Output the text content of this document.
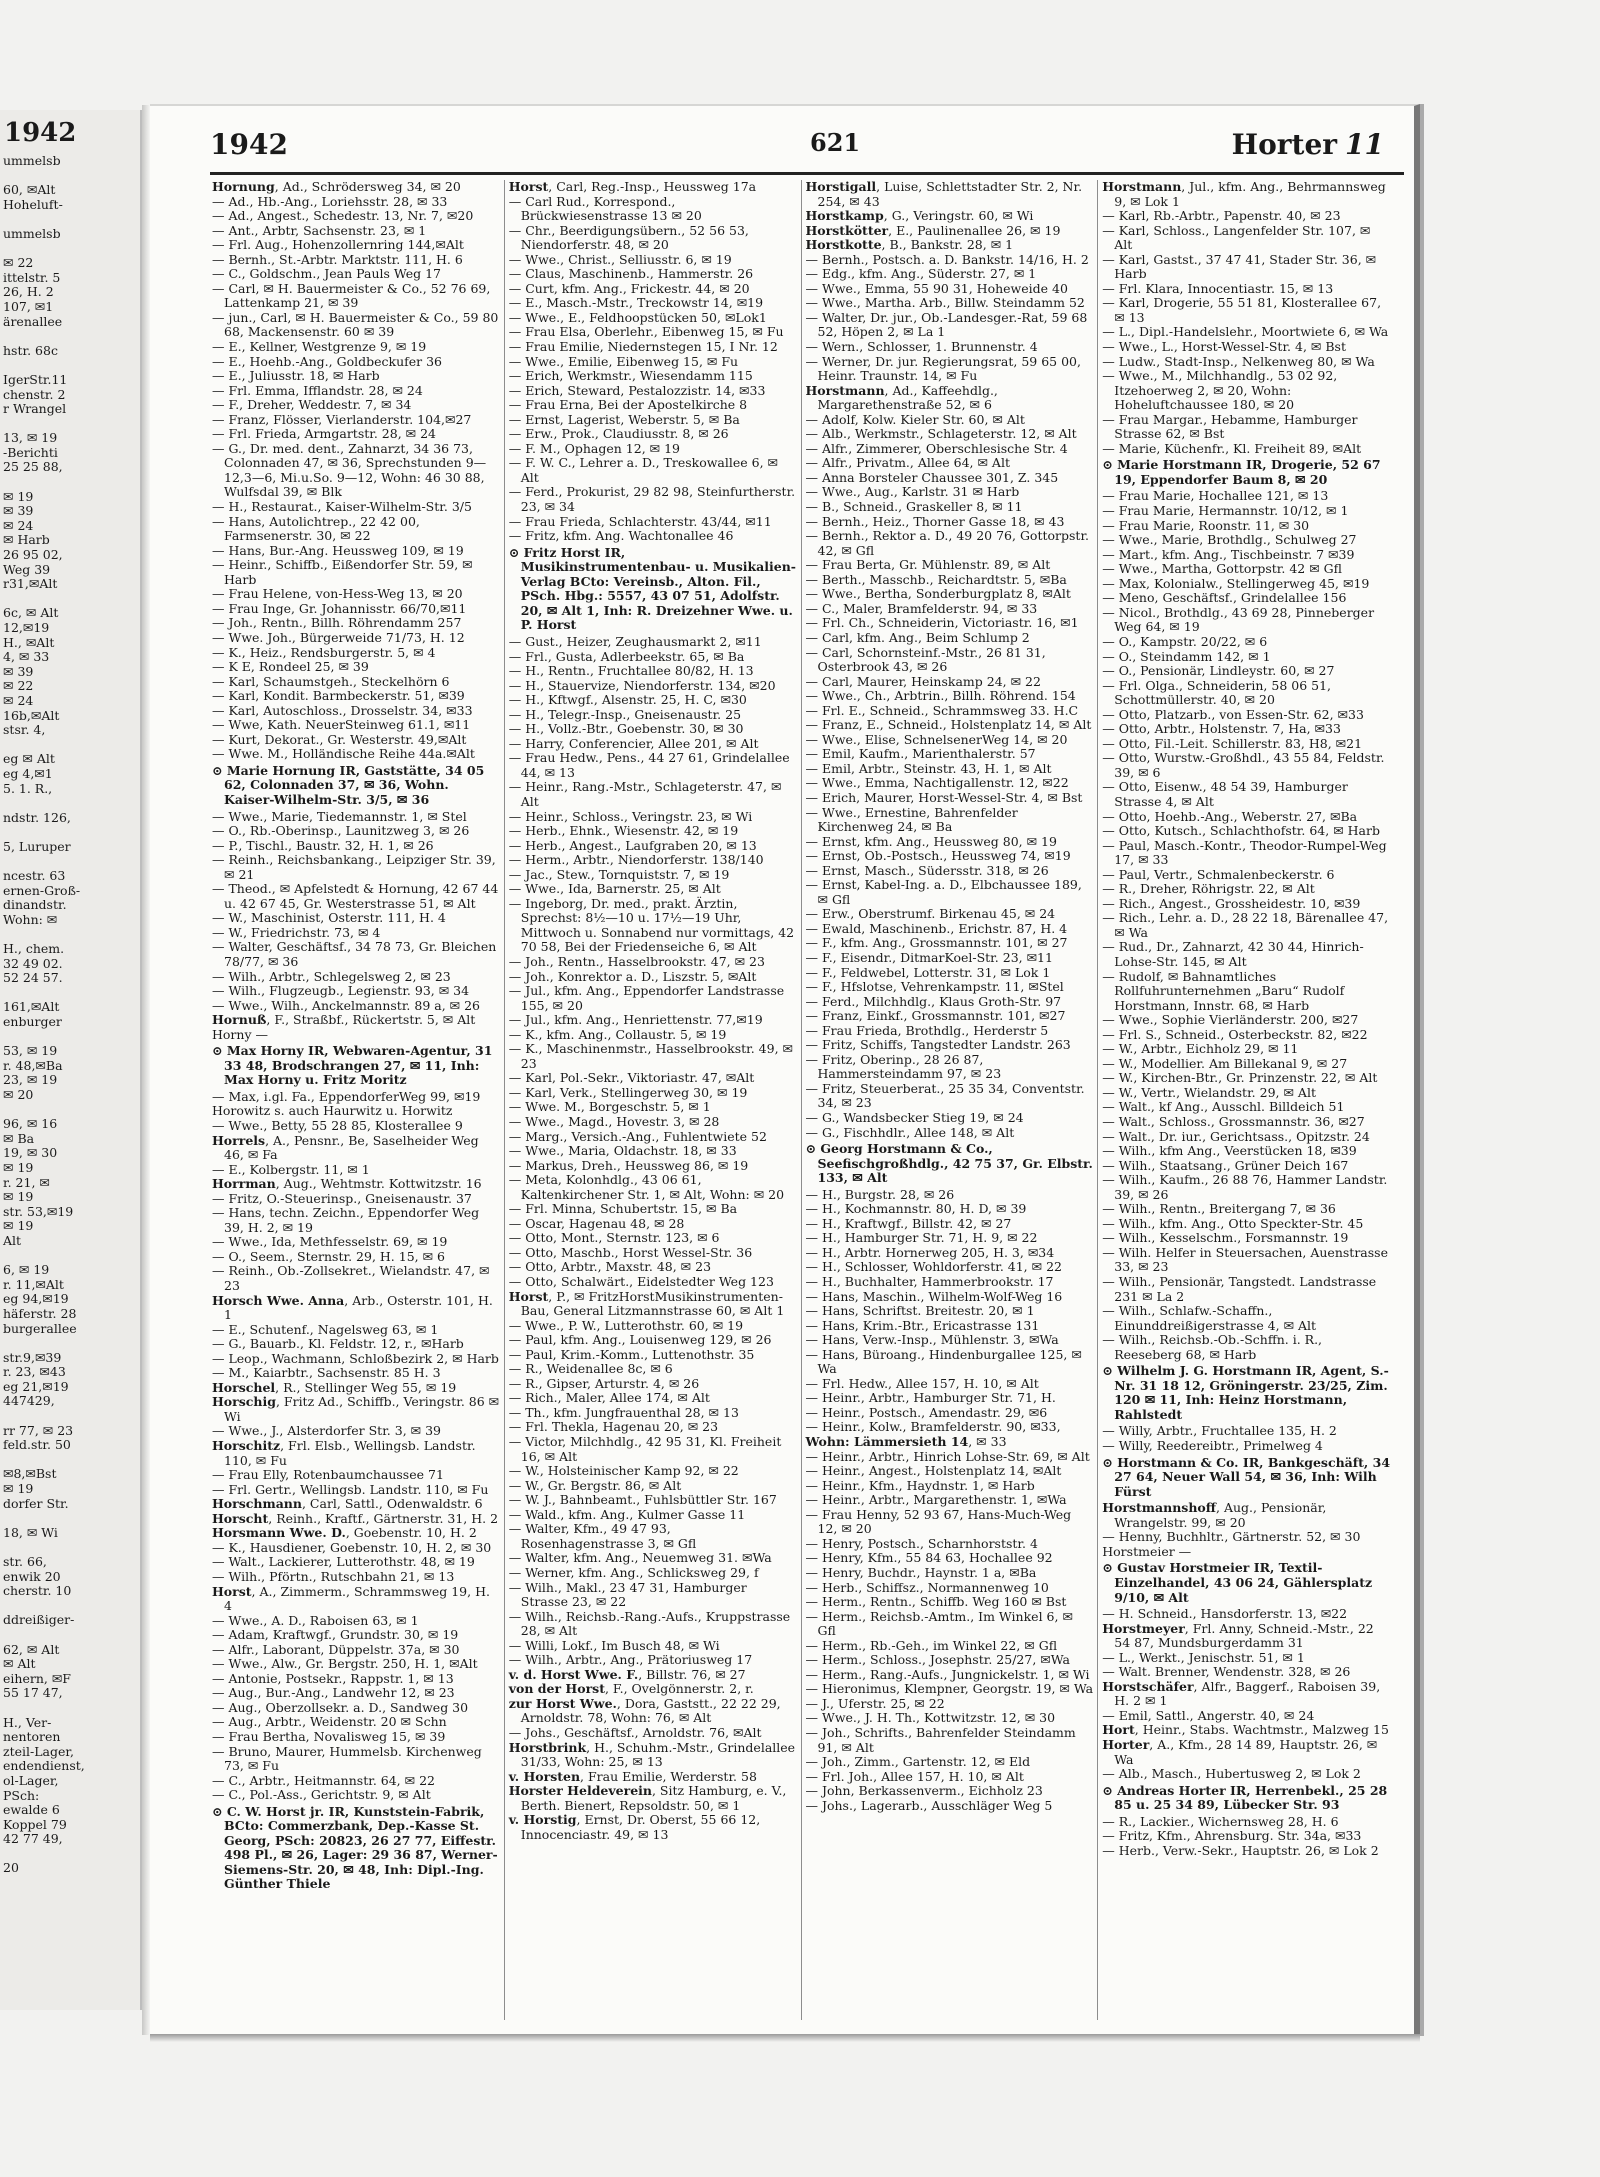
1942
ummelsb

60, ✉Alt
Hoheluft-

ummelsb

✉ 22
ittelstr. 5
26, H. 2
107, ✉1
ärenallee

hstr. 68c

IgerStr.11
chenstr. 2
r Wrangel

13, ✉ 19
-Berichti
25 25 88,

✉ 19
✉ 39
✉ 24
✉ Harb
26 95 02,
Weg 39
r31,✉Alt

6c, ✉ Alt
12,✉19
H., ✉Alt
4, ✉ 33
✉ 39
✉ 22
✉ 24
16b,✉Alt
stsr. 4,

eg ✉ Alt
eg 4,✉1
5. 1. R.,

ndstr. 126,

5, Luruper

ncestr. 63
ernen-Groß-
dinandstr.
Wohn: ✉

H., chem.
32 49 02.
52 24 57.

161,✉Alt
enburger

53, ✉ 19
r. 48,✉Ba
23, ✉ 19
✉ 20

96, ✉ 16
✉ Ba
19, ✉ 30
✉ 19
r. 21, ✉
✉ 19
str. 53,✉19
✉ 19
Alt

6, ✉ 19
r. 11,✉Alt
eg 94,✉19
häferstr. 28
burgerallee

str.9,✉39
r. 23, ✉43
eg 21,✉19
447429,

rr 77, ✉ 23
feld.str. 50

✉8,✉Bst
✉ 19
dorfer Str.

18, ✉ Wi

str. 66,
enwik 20
cherstr. 10

ddreißiger-

62, ✉ Alt
✉ Alt
eihern, ✉F
55 17 47,

H., Ver-
nentoren
zteil-Lager,
endendienst,
ol-Lager,
PSch:
ewalde 6
Koppel 79
42 77 49,

20
1942	621	Horter 11
Hornung, Ad., Schrödersweg 34, ✉ 20
— Ad., Hb.-Ang., Loriehsstr. 28, ✉ 33
— Ad., Angest., Schedestr. 13, Nr. 7, ✉20
— Ant., Arbtr, Sachsenstr. 23, ✉ 1
— Frl. Aug., Hohenzollernring 144,✉Alt
— Bernh., St.-Arbtr. Marktstr. 111, H. 6
— C., Goldschm., Jean Pauls Weg 17
— Carl, ✉ H. Bauermeister & Co., 52 76 69, Lattenkamp 21, ✉ 39
— jun., Carl, ✉ H. Bauermeister & Co., 59 80 68, Mackensenstr. 60 ✉ 39
— E., Kellner, Westgrenze 9, ✉ 19
— E., Hoehb.-Ang., Goldbeckufer 36
— E., Juliusstr. 18, ✉ Harb
— Frl. Emma, Ifflandstr. 28, ✉ 24
— F., Dreher, Weddestr. 7, ✉ 34
— Franz, Flösser, Vierlanderstr. 104,✉27
— Frl. Frieda, Armgartstr. 28, ✉ 24
— G., Dr. med. dent., Zahnarzt, 34 36 73, Colonnaden 47, ✉ 36, Sprechstunden 9—12,3—6, Mi.u.So. 9—12, Wohn: 46 30 88, Wulfsdal 39, ✉ Blk
— H., Restaurat., Kaiser-Wilhelm-Str. 3/5
— Hans, Autolichtrep., 22 42 00, Farmsenerstr. 30, ✉ 22
— Hans, Bur.-Ang. Heussweg 109, ✉ 19
— Heinr., Schiffb., Eißendorfer Str. 59, ✉ Harb
— Frau Helene, von-Hess-Weg 13, ✉ 20
— Frau Inge, Gr. Johannisstr. 66/70,✉11
— Joh., Rentn., Billh. Röhrendamm 257
— Wwe. Joh., Bürgerweide 71/73, H. 12
— K., Heiz., Rendsburgerstr. 5, ✉ 4
— K E, Rondeel 25, ✉ 39
— Karl, Schaumstgeh., Steckelhörn 6
— Karl, Kondit. Barmbeckerstr. 51, ✉39
— Karl, Autoschloss., Drosselstr. 34, ✉33
— Wwe, Kath. NeuerSteinweg 61.1, ✉11
— Kurt, Dekorat., Gr. Westerstr. 49,✉Alt
— Wwe. M., Holländische Reihe 44a.✉Alt
⊙ Marie Hornung IR, Gaststätte, 34 05 62, Colonnaden 37, ✉ 36, Wohn. Kaiser-Wilhelm-Str. 3/5, ✉ 36
— Wwe., Marie, Tiedemannstr. 1, ✉ Stel
— O., Rb.-Oberinsp., Launitzweg 3, ✉ 26
— P., Tischl., Baustr. 32, H. 1, ✉ 26
— Reinh., Reichsbankang., Leipziger Str. 39, ✉ 21
— Theod., ✉ Apfelstedt & Hornung, 42 67 44 u. 42 67 45, Gr. Westerstrasse 51, ✉ Alt
— W., Maschinist, Osterstr. 111, H. 4
— W., Friedrichstr. 73, ✉ 4
— Walter, Geschäftsf., 34 78 73, Gr. Bleichen 78/77, ✉ 36
— Wilh., Arbtr., Schlegelsweg 2, ✉ 23
— Wilh., Flugzeugb., Legienstr. 93, ✉ 34
— Wwe., Wilh., Anckelmannstr. 89 a, ✉ 26
Hornuß, F., Straßbf., Rückertstr. 5, ✉ Alt
Horny —
⊙ Max Horny IR, Webwaren-Agentur, 31 33 48, Brodschrangen 27, ✉ 11, Inh: Max Horny u. Fritz Moritz
— Max, i.gl. Fa., EppendorferWeg 99, ✉19
Horowitz s. auch Haurwitz u. Horwitz
— Wwe., Betty, 55 28 85, Klosterallee 9
Horrels, A., Pensnr., Be, Saselheider Weg 46, ✉ Fa
— E., Kolbergstr. 11, ✉ 1
Horrman, Aug., Wehtmstr. Kottwitzstr. 16
— Fritz, O.-Steuerinsp., Gneisenaustr. 37
— Hans, techn. Zeichn., Eppendorfer Weg 39, H. 2, ✉ 19
— Wwe., Ida, Methfesselstr. 69, ✉ 19
— O., Seem., Sternstr. 29, H. 15, ✉ 6
— Reinh., Ob.-Zollsekret., Wielandstr. 47, ✉ 23
Horsch Wwe. Anna, Arb., Osterstr. 101, H. 1
— E., Schutenf., Nagelsweg 63, ✉ 1
— G., Bauarb., Kl. Feldstr. 12, r., ✉Harb
— Leop., Wachmann, Schloßbezirk 2, ✉ Harb
— M., Kaiarbtr., Sachsenstr. 85 H. 3
Horschel, R., Stellinger Weg 55, ✉ 19
Horschig, Fritz Ad., Schiffb., Veringstr. 86 ✉ Wi
— Wwe., J., Alsterdorfer Str. 3, ✉ 39
Horschitz, Frl. Elsb., Wellingsb. Landstr. 110, ✉ Fu
— Frau Elly, Rotenbaumchaussee 71
— Frl. Gertr., Wellingsb. Landstr. 110, ✉ Fu
Horschmann, Carl, Sattl., Odenwaldstr. 6
Horscht, Reinh., Kraftf., Gärtnerstr. 31, H. 2
Horsmann Wwe. D., Goebenstr. 10, H. 2
— K., Hausdiener, Goebenstr. 10, H. 2, ✉ 30
— Walt., Lackierer, Lutterothstr. 48, ✉ 19
— Wilh., Pförtn., Rutschbahn 21, ✉ 13
Horst, A., Zimmerm., Schrammsweg 19, H. 4
— Wwe., A. D., Raboisen 63, ✉ 1
— Adam, Kraftwgf., Grundstr. 30, ✉ 19
— Alfr., Laborant, Düppelstr. 37a, ✉ 30
— Wwe., Alw., Gr. Bergstr. 250, H. 1, ✉Alt
— Antonie, Postsekr., Rappstr. 1, ✉ 13
— Aug., Bur.-Ang., Landwehr 12, ✉ 23
— Aug., Oberzollsekr. a. D., Sandweg 30
— Aug., Arbtr., Weidenstr. 20 ✉ Schn
— Frau Bertha, Novalisweg 15, ✉ 39
— Bruno, Maurer, Hummelsb. Kirchenweg 73, ✉ Fu
— C., Arbtr., Heitmannstr. 64, ✉ 22
— C., Pol.-Ass., Gerichtstr. 9, ✉ Alt
⊙ C. W. Horst jr. IR, Kunststein-Fabrik, BCto: Commerzbank, Dep.-Kasse St. Georg, PSch: 20823, 26 27 77, Eiffestr. 498 Pl., ✉ 26, Lager: 29 36 87, Werner-Siemens-Str. 20, ✉ 48, Inh: Dipl.-Ing. Günther Thiele
Horst, Carl, Reg.-Insp., Heussweg 17a
— Carl Rud., Korrespond., Brückwiesenstrasse 13 ✉ 20
— Chr., Beerdigungsübern., 52 56 53, Niendorferstr. 48, ✉ 20
— Wwe., Christ., Selliusstr. 6, ✉ 19
— Claus, Maschinenb., Hammerstr. 26
— Curt, kfm. Ang., Frickestr. 44, ✉ 20
— E., Masch.-Mstr., Treckowstr 14, ✉19
— Wwe., E., Feldhoopstücken 50, ✉Lok1
— Frau Elsa, Oberlehr., Eibenweg 15, ✉ Fu
— Frau Emilie, Niedernstegen 15, I Nr. 12
— Wwe., Emilie, Eibenweg 15, ✉ Fu
— Erich, Werkmstr., Wiesendamm 115
— Erich, Steward, Pestalozzistr. 14, ✉33
— Frau Erna, Bei der Apostelkirche 8
— Ernst, Lagerist, Weberstr. 5, ✉ Ba
— Erw., Prok., Claudiusstr. 8, ✉ 26
— F. M., Ophagen 12, ✉ 19
— F. W. C., Lehrer a. D., Treskowallee 6, ✉ Alt
— Ferd., Prokurist, 29 82 98, Steinfurtherstr. 23, ✉ 34
— Frau Frieda, Schlachterstr. 43/44, ✉11
— Fritz, kfm. Ang. Wachtonallee 46
⊙ Fritz Horst IR, Musikinstrumentenbau- u. Musikalien-Verlag BCto: Vereinsb., Alton. Fil., PSch. Hbg.: 5557, 43 07 51, Adolfstr. 20, ✉ Alt 1, Inh: R. Dreizehner Wwe. u. P. Horst
— Gust., Heizer, Zeughausmarkt 2, ✉11
— Frl., Gusta, Adlerbeekstr. 65, ✉ Ba
— H., Rentn., Fruchtallee 80/82, H. 13
— H., Stauervize, Niendorferstr. 134, ✉20
— H., Kftwgf., Alsenstr. 25, H. C, ✉30
— H., Telegr.-Insp., Gneisenaustr. 25
— H., Vollz.-Btr., Goebenstr. 30, ✉ 30
— Harry, Conferencier, Allee 201, ✉ Alt
— Frau Hedw., Pens., 44 27 61, Grindelallee 44, ✉ 13
— Heinr., Rang.-Mstr., Schlageterstr. 47, ✉ Alt
— Heinr., Schloss., Veringstr. 23, ✉ Wi
— Herb., Ehnk., Wiesenstr. 42, ✉ 19
— Herb., Angest., Laufgraben 20, ✉ 13
— Herm., Arbtr., Niendorferstr. 138/140
— Jac., Stew., Tornquiststr. 7, ✉ 19
— Wwe., Ida, Barnerstr. 25, ✉ Alt
— Ingeborg, Dr. med., prakt. Ärztin, Sprechst: 8½—10 u. 17½—19 Uhr, Mittwoch u. Sonnabend nur vormittags, 42 70 58, Bei der Friedenseiche 6, ✉ Alt
— Joh., Rentn., Hasselbrookstr. 47, ✉ 23
— Joh., Konrektor a. D., Liszstr. 5, ✉Alt
— Jul., kfm. Ang., Eppendorfer Landstrasse 155, ✉ 20
— Jul., kfm. Ang., Henriettenstr. 77,✉19
— K., kfm. Ang., Collaustr. 5, ✉ 19
— K., Maschinenmstr., Hasselbrookstr. 49, ✉ 23
— Karl, Pol.-Sekr., Viktoriastr. 47, ✉Alt
— Karl, Verk., Stellingerweg 30, ✉ 19
— Wwe. M., Borgeschstr. 5, ✉ 1
— Wwe., Magd., Hovestr. 3, ✉ 28
— Marg., Versich.-Ang., Fuhlentwiete 52
— Wwe., Maria, Oldachstr. 18, ✉ 33
— Markus, Dreh., Heussweg 86, ✉ 19
— Meta, Kolonhdlg., 43 06 61, Kaltenkirchener Str. 1, ✉ Alt, Wohn: ✉ 20
— Frl. Minna, Schubertstr. 15, ✉ Ba
— Oscar, Hagenau 48, ✉ 28
— Otto, Mont., Sternstr. 123, ✉ 6
— Otto, Maschb., Horst Wessel-Str. 36
— Otto, Arbtr., Maxstr. 48, ✉ 23
— Otto, Schalwärt., Eidelstedter Weg 123
Horst, P., ✉ FritzHorstMusikinstrumenten-Bau, General Litzmannstrasse 60, ✉ Alt 1
— Wwe., P. W., Lutterothstr. 60, ✉ 19
— Paul, kfm. Ang., Louisenweg 129, ✉ 26
— Paul, Krim.-Komm., Luttenothstr. 35
— R., Weidenallee 8c, ✉ 6
— R., Gipser, Arturstr. 4, ✉ 26
— Rich., Maler, Allee 174, ✉ Alt
— Th., kfm. Jungfrauenthal 28, ✉ 13
— Frl. Thekla, Hagenau 20, ✉ 23
— Victor, Milchhdlg., 42 95 31, Kl. Freiheit 16, ✉ Alt
— W., Holsteinischer Kamp 92, ✉ 22
— W., Gr. Bergstr. 86, ✉ Alt
— W. J., Bahnbeamt., Fuhlsbüttler Str. 167
— Wald., kfm. Ang., Kulmer Gasse 11
— Walter, Kfm., 49 47 93, Rosenhagenstrasse 3, ✉ Gfl
— Walter, kfm. Ang., Neuemweg 31. ✉Wa
— Werner, kfm. Ang., Schlicksweg 29, f
— Wilh., Makl., 23 47 31, Hamburger Strasse 23, ✉ 22
— Wilh., Reichsb.-Rang.-Aufs., Kruppstrasse 28, ✉ Alt
— Willi, Lokf., Im Busch 48, ✉ Wi
— Wilh., Arbtr., Ang., Prätoriusweg 17
v. d. Horst Wwe. F., Billstr. 76, ✉ 27
von der Horst, F., Ovelgönnerstr. 2, r.
zur Horst Wwe., Dora, Gaststt., 22 22 29, Arnoldstr. 78, Wohn: 76, ✉ Alt
— Johs., Geschäftsf., Arnoldstr. 76, ✉Alt
Horstbrink, H., Schuhm.-Mstr., Grindelallee 31/33, Wohn: 25, ✉ 13
v. Horsten, Frau Emilie, Werderstr. 58
Horster Heldeverein, Sitz Hamburg, e. V., Berth. Bienert, Repsoldstr. 50, ✉ 1
v. Horstig, Ernst, Dr. Oberst, 55 66 12, Innocenciastr. 49, ✉ 13
Horstigall, Luise, Schlettstadter Str. 2, Nr. 254, ✉ 43
Horstkamp, G., Veringstr. 60, ✉ Wi
Horstkötter, E., Paulinenallee 26, ✉ 19
Horstkotte, B., Bankstr. 28, ✉ 1
— Bernh., Postsch. a. D. Bankstr. 14/16, H. 2
— Edg., kfm. Ang., Süderstr. 27, ✉ 1
— Wwe., Emma, 55 90 31, Hoheweide 40
— Wwe., Martha. Arb., Billw. Steindamm 52
— Walter, Dr. jur., Ob.-Landesger.-Rat, 59 68 52, Höpen 2, ✉ La 1
— Wern., Schlosser, 1. Brunnenstr. 4
— Werner, Dr. jur. Regierungsrat, 59 65 00, Heinr. Traunstr. 14, ✉ Fu
Horstmann, Ad., Kaffeehdlg., Margarethenstraße 52, ✉ 6
— Adolf, Kolw. Kieler Str. 60, ✉ Alt
— Alb., Werkmstr., Schlageterstr. 12, ✉ Alt
— Alfr., Zimmerer, Oberschlesische Str. 4
— Alfr., Privatm., Allee 64, ✉ Alt
— Anna Borsteler Chaussee 301, Z. 345
— Wwe., Aug., Karlstr. 31 ✉ Harb
— B., Schneid., Graskeller 8, ✉ 11
— Bernh., Heiz., Thorner Gasse 18, ✉ 43
— Bernh., Rektor a. D., 49 20 76, Gottorpstr. 42, ✉ Gfl
— Frau Berta, Gr. Mühlenstr. 89, ✉ Alt
— Berth., Masschb., Reichardtstr. 5, ✉Ba
— Wwe., Bertha, Sonderburgplatz 8, ✉Alt
— C., Maler, Bramfelderstr. 94, ✉ 33
— Frl. Ch., Schneiderin, Victoriastr. 16, ✉1
— Carl, kfm. Ang., Beim Schlump 2
— Carl, Schornsteinf.-Mstr., 26 81 31, Osterbrook 43, ✉ 26
— Carl, Maurer, Heinskamp 24, ✉ 22
— Wwe., Ch., Arbtrin., Billh. Röhrend. 154
— Frl. E., Schneid., Schrammsweg 33. H.C
— Franz, E., Schneid., Holstenplatz 14, ✉ Alt
— Wwe., Elise, SchnelsenerWeg 14, ✉ 20
— Emil, Kaufm., Marienthalerstr. 57
— Emil, Arbtr., Steinstr. 43, H. 1, ✉ Alt
— Wwe., Emma, Nachtigallenstr. 12, ✉22
— Erich, Maurer, Horst-Wessel-Str. 4, ✉ Bst
— Wwe., Ernestine, Bahrenfelder Kirchenweg 24, ✉ Ba
— Ernst, kfm. Ang., Heussweg 80, ✉ 19
— Ernst, Ob.-Postsch., Heussweg 74, ✉19
— Ernst, Masch., Südersstr. 318, ✉ 26
— Ernst, Kabel-Ing. a. D., Elbchaussee 189, ✉ Gfl
— Erw., Oberstrumf. Birkenau 45, ✉ 24
— Ewald, Maschinenb., Erichstr. 87, H. 4
— F., kfm. Ang., Grossmannstr. 101, ✉ 27
— F., Eisendr., DitmarKoel-Str. 23, ✉11
— F., Feldwebel, Lotterstr. 31, ✉ Lok 1
— F., Hfslotse, Vehrenkampstr. 11, ✉Stel
— Ferd., Milchhdlg., Klaus Groth-Str. 97
— Franz, Einkf., Grossmannstr. 101, ✉27
— Frau Frieda, Brothdlg., Herderstr 5
— Fritz, Schiffs, Tangstedter Landstr. 263
— Fritz, Oberinp., 28 26 87, Hammersteindamm 97, ✉ 23
— Fritz, Steuerberat., 25 35 34, Conventstr. 34, ✉ 23
— G., Wandsbecker Stieg 19, ✉ 24
— G., Fischhdlr., Allee 148, ✉ Alt
⊙ Georg Horstmann & Co., Seefischgroßhdlg., 42 75 37, Gr. Elbstr. 133, ✉ Alt
— H., Burgstr. 28, ✉ 26
— H., Kochmannstr. 80, H. D, ✉ 39
— H., Kraftwgf., Billstr. 42, ✉ 27
— H., Hamburger Str. 71, H. 9, ✉ 22
— H., Arbtr. Hornerweg 205, H. 3, ✉34
— H., Schlosser, Wohldorferstr. 41, ✉ 22
— H., Buchhalter, Hammerbrookstr. 17
— Hans, Maschin., Wilhelm-Wolf-Weg 16
— Hans, Schriftst. Breitestr. 20, ✉ 1
— Hans, Krim.-Btr., Ericastrasse 131
— Hans, Verw.-Insp., Mühlenstr. 3, ✉Wa
— Hans, Büroang., Hindenburgallee 125, ✉ Wa
— Frl. Hedw., Allee 157, H. 10, ✉ Alt
— Heinr., Arbtr., Hamburger Str. 71, H.
— Heinr., Postsch., Amendastr. 29, ✉6
— Heinr., Kolw., Bramfelderstr. 90, ✉33,
Wohn: Lämmersieth 14, ✉ 33
— Heinr., Arbtr., Hinrich Lohse-Str. 69, ✉ Alt
— Heinr., Angest., Holstenplatz 14, ✉Alt
— Heinr., Kfm., Haydnstr. 1, ✉ Harb
— Heinr., Arbtr., Margarethenstr. 1, ✉Wa
— Frau Henny, 52 93 67, Hans-Much-Weg 12, ✉ 20
— Henry, Postsch., Scharnhorststr. 4
— Henry, Kfm., 55 84 63, Hochallee 92
— Henry, Buchdr., Haynstr. 1 a, ✉Ba
— Herb., Schiffsz., Normannenweg 10
— Herm., Rentn., Schiffb. Weg 160 ✉ Bst
— Herm., Reichsb.-Amtm., Im Winkel 6, ✉ Gfl
— Herm., Rb.-Geh., im Winkel 22, ✉ Gfl
— Herm., Schloss., Josephstr. 25/27, ✉Wa
— Herm., Rang.-Aufs., Jungnickelstr. 1, ✉ Wi
— Hieronimus, Klempner, Georgstr. 19, ✉ Wa
— J., Uferstr. 25, ✉ 22
— Wwe., J. H. Th., Kottwitzstr. 12, ✉ 30
— Joh., Schrifts., Bahrenfelder Steindamm 91, ✉ Alt
— Joh., Zimm., Gartenstr. 12, ✉ Eld
— Frl. Joh., Allee 157, H. 10, ✉ Alt
— John, Berkassenverm., Eichholz 23
— Johs., Lagerarb., Ausschläger Weg 5
Horstmann, Jul., kfm. Ang., Behrmannsweg 9, ✉ Lok 1
— Karl, Rb.-Arbtr., Papenstr. 40, ✉ 23
— Karl, Schloss., Langenfelder Str. 107, ✉ Alt
— Karl, Gastst., 37 47 41, Stader Str. 36, ✉ Harb
— Frl. Klara, Innocentiastr. 15, ✉ 13
— Karl, Drogerie, 55 51 81, Klosterallee 67, ✉ 13
— L., Dipl.-Handelslehr., Moortwiete 6, ✉ Wa
— Wwe., L., Horst-Wessel-Str. 4, ✉ Bst
— Ludw., Stadt-Insp., Nelkenweg 80, ✉ Wa
— Wwe., M., Milchhandlg., 53 02 92, Itzehoerweg 2, ✉ 20, Wohn: Hoheluftchaussee 180, ✉ 20
— Frau Margar., Hebamme, Hamburger Strasse 62, ✉ Bst
— Marie, Küchenfr., Kl. Freiheit 89, ✉Alt
⊙ Marie Horstmann IR, Drogerie, 52 67 19, Eppendorfer Baum 8, ✉ 20
— Frau Marie, Hochallee 121, ✉ 13
— Frau Marie, Hermannstr. 10/12, ✉ 1
— Frau Marie, Roonstr. 11, ✉ 30
— Wwe., Marie, Brothdlg., Schulweg 27
— Mart., kfm. Ang., Tischbeinstr. 7 ✉39
— Wwe., Martha, Gottorpstr. 42 ✉ Gfl
— Max, Kolonialw., Stellingerweg 45, ✉19
— Meno, Geschäftsf., Grindelallee 156
— Nicol., Brothdlg., 43 69 28, Pinneberger Weg 64, ✉ 19
— O., Kampstr. 20/22, ✉ 6
— O., Steindamm 142, ✉ 1
— O., Pensionär, Lindleystr. 60, ✉ 27
— Frl. Olga., Schneiderin, 58 06 51, Schottmüllerstr. 40, ✉ 20
— Otto, Platzarb., von Essen-Str. 62, ✉33
— Otto, Arbtr., Holstenstr. 7, Ha, ✉33
— Otto, Fil.-Leit. Schillerstr. 83, H8, ✉21
— Otto, Wurstw.-Großhdl., 43 55 84, Feldstr. 39, ✉ 6
— Otto, Eisenw., 48 54 39, Hamburger Strasse 4, ✉ Alt
— Otto, Hoehb.-Ang., Weberstr. 27, ✉Ba
— Otto, Kutsch., Schlachthofstr. 64, ✉ Harb
— Paul, Masch.-Kontr., Theodor-Rumpel-Weg 17, ✉ 33
— Paul, Vertr., Schmalenbeckerstr. 6
— R., Dreher, Röhrigstr. 22, ✉ Alt
— Rich., Angest., Grossheidestr. 10, ✉39
— Rich., Lehr. a. D., 28 22 18, Bärenallee 47, ✉ Wa
— Rud., Dr., Zahnarzt, 42 30 44, Hinrich-Lohse-Str. 145, ✉ Alt
— Rudolf, ✉ Bahnamtliches Rollfuhrunternehmen „Baru“ Rudolf Horstmann, Innstr. 68, ✉ Harb
— Wwe., Sophie Vierländerstr. 200, ✉27
— Frl. S., Schneid., Osterbeckstr. 82, ✉22
— W., Arbtr., Eichholz 29, ✉ 11
— W., Modellier. Am Billekanal 9, ✉ 27
— W., Kirchen-Btr., Gr. Prinzenstr. 22, ✉ Alt
— W., Vertr., Wielandstr. 29, ✉ Alt
— Walt., kf Ang., Ausschl. Billdeich 51
— Walt., Schloss., Grossmannstr. 36, ✉27
— Walt., Dr. iur., Gerichtsass., Opitzstr. 24
— Wilh., kfm Ang., Veerstücken 18, ✉39
— Wilh., Staatsang., Grüner Deich 167
— Wilh., Kaufm., 26 88 76, Hammer Landstr. 39, ✉ 26
— Wilh., Rentn., Breitergang 7, ✉ 36
— Wilh., kfm. Ang., Otto Speckter-Str. 45
— Wilh., Kesselschm., Forsmannstr. 19
— Wilh. Helfer in Steuersachen, Auenstrasse 33, ✉ 23
— Wilh., Pensionär, Tangstedt. Landstrasse 231 ✉ La 2
— Wilh., Schlafw.-Schaffn., Einunddreißigerstrasse 4, ✉ Alt
— Wilh., Reichsb.-Ob.-Schffn. i. R., Reeseberg 68, ✉ Harb
⊙ Wilhelm J. G. Horstmann IR, Agent, S.-Nr. 31 18 12, Gröningerstr. 23/25, Zim. 120 ✉ 11, Inh: Heinz Horstmann, Rahlstedt
— Willy, Arbtr., Fruchtallee 135, H. 2
— Willy, Reedereibtr., Primelweg 4
⊙ Horstmann & Co. IR, Bankgeschäft, 34 27 64, Neuer Wall 54, ✉ 36, Inh: Wilh Fürst
Horstmannshoff, Aug., Pensionär, Wrangelstr. 99, ✉ 20
— Henny, Buchhltr., Gärtnerstr. 52, ✉ 30
Horstmeier —
⊙ Gustav Horstmeier IR, Textil-Einzelhandel, 43 06 24, Gählersplatz 9/10, ✉ Alt
— H. Schneid., Hansdorferstr. 13, ✉22
Horstmeyer, Frl. Anny, Schneid.-Mstr., 22 54 87, Mundsburgerdamm 31
— L., Werkt., Jenischstr. 51, ✉ 1
— Walt. Brenner, Wendenstr. 328, ✉ 26
Horstschäfer, Alfr., Baggerf., Raboisen 39, H. 2 ✉ 1
— Emil, Sattl., Angerstr. 40, ✉ 24
Hort, Heinr., Stabs. Wachtmstr., Malzweg 15
Horter, A., Kfm., 28 14 89, Hauptstr. 26, ✉ Wa
— Alb., Masch., Hubertusweg 2, ✉ Lok 2
⊙ Andreas Horter IR, Herrenbekl., 25 28 85 u. 25 34 89, Lübecker Str. 93
— R., Lackier., Wichernsweg 28, H. 6
— Fritz, Kfm., Ahrensburg. Str. 34a, ✉33
— Herb., Verw.-Sekr., Hauptstr. 26, ✉ Lok 2
